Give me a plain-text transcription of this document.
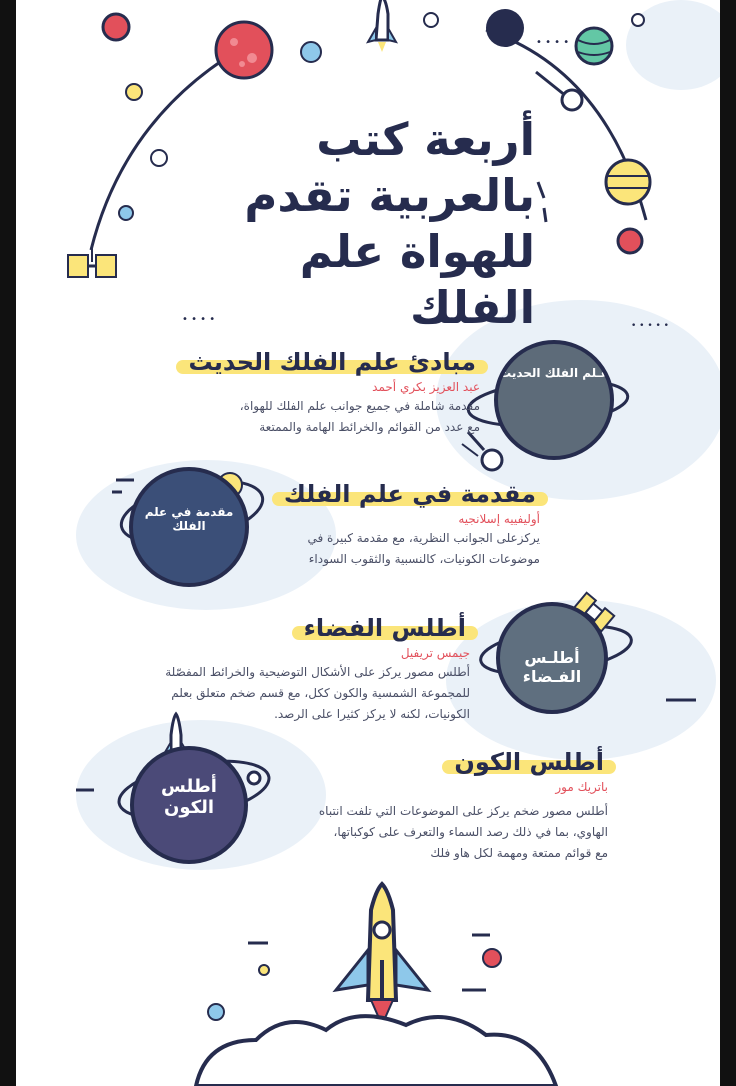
• • • •
• • • •
• • • • •
أربعة كتب
بالعربية تقدم
للهواة علم الفلك
عـلم الفلك الحديث
مقدمة في علم الفلك
أطلـس الفـضاء
أطلس الكون
مبادئ علم الفلك الحديث
عبد العزيز بكري أحمد
مقدمة شاملة في جميع جوانب علم الفلك للهواة،
مع عدد من القوائم والخرائط الهامة والممتعة
مقدمة في علم الفلك
أوليفييه إسلانجيه
يركزعلى الجوانب النظرية، مع مقدمة كبيرة في
موضوعات الكونيات، كالنسبية والثقوب السوداء
أطلس الفضاء
جيمس تريفيل
أطلس مصور يركز على الأشكال التوضيحية والخرائط المفصّلة
للمجموعة الشمسية والكون ككل، مع قسم ضخم متعلق بعلم
الكونيات، لكنه لا يركز كثيرا على الرصد.
أطلس الكون
باتريك مور
أطلس مصور ضخم يركز على الموضوعات التي تلفت انتباه
الهاوي، بما في ذلك رصد السماء والتعرف على كوكباتها،
مع قوائم ممتعة ومهمة لكل هاو فلك
